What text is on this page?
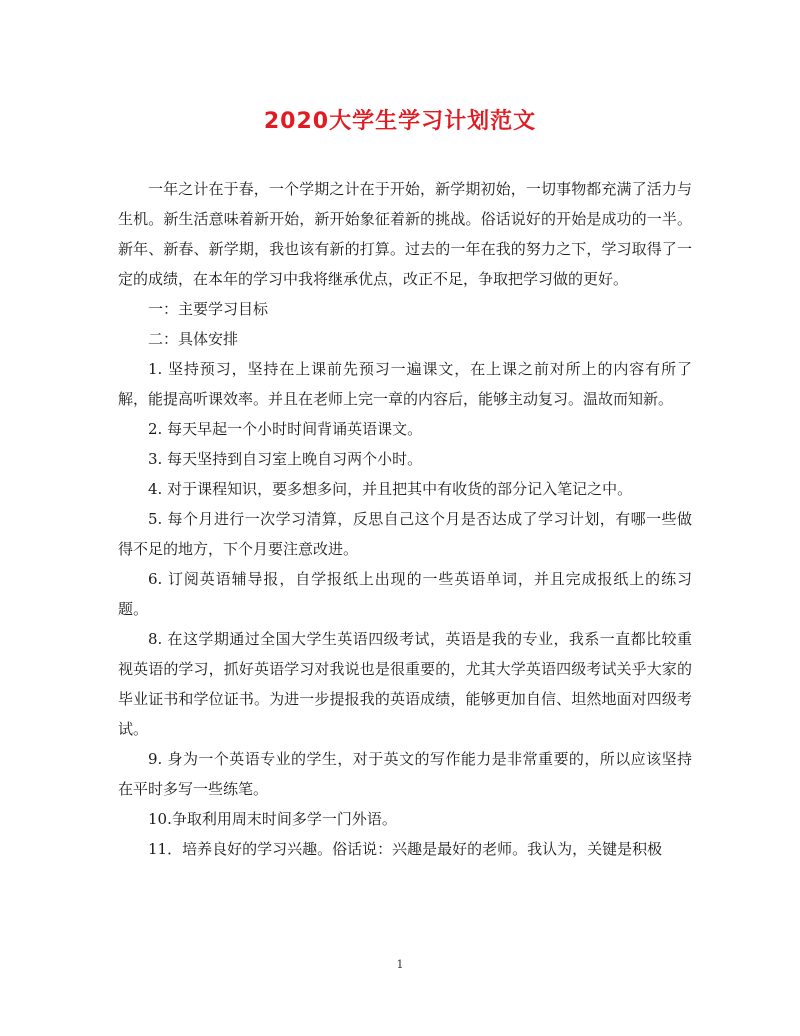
2020大学生学习计划范文

一年之计在于春，一个学期之计在于开始，新学期初始，一切事物都充满了活力与生机。新生活意味着新开始，新开始象征着新的挑战。俗话说好的开始是成功的一半。新年、新春、新学期，我也该有新的打算。过去的一年在我的努力之下，学习取得了一定的成绩，在本年的学习中我将继承优点，改正不足，争取把学习做的更好。

一：主要学习目标

二：具体安排

1. 坚持预习，坚持在上课前先预习一遍课文，在上课之前对所上的内容有所了解，能提高听课效率。并且在老师上完一章的内容后，能够主动复习。温故而知新。

2. 每天早起一个小时时间背诵英语课文。

3. 每天坚持到自习室上晚自习两个小时。

4. 对于课程知识，要多想多问，并且把其中有收货的部分记入笔记之中。

5. 每个月进行一次学习清算，反思自己这个月是否达成了学习计划，有哪一些做得不足的地方，下个月要注意改进。

6. 订阅英语辅导报，自学报纸上出现的一些英语单词，并且完成报纸上的练习题。

8. 在这学期通过全国大学生英语四级考试，英语是我的专业，我系一直都比较重视英语的学习，抓好英语学习对我说也是很重要的，尤其大学英语四级考试关乎大家的毕业证书和学位证书。为进一步提报我的英语成绩，能够更加自信、坦然地面对四级考试。

9. 身为一个英语专业的学生，对于英文的写作能力是非常重要的，所以应该坚持在平时多写一些练笔。

10.争取利用周末时间多学一门外语。

11．培养良好的学习兴趣。俗话说：兴趣是最好的老师。我认为，关键是积极

1
